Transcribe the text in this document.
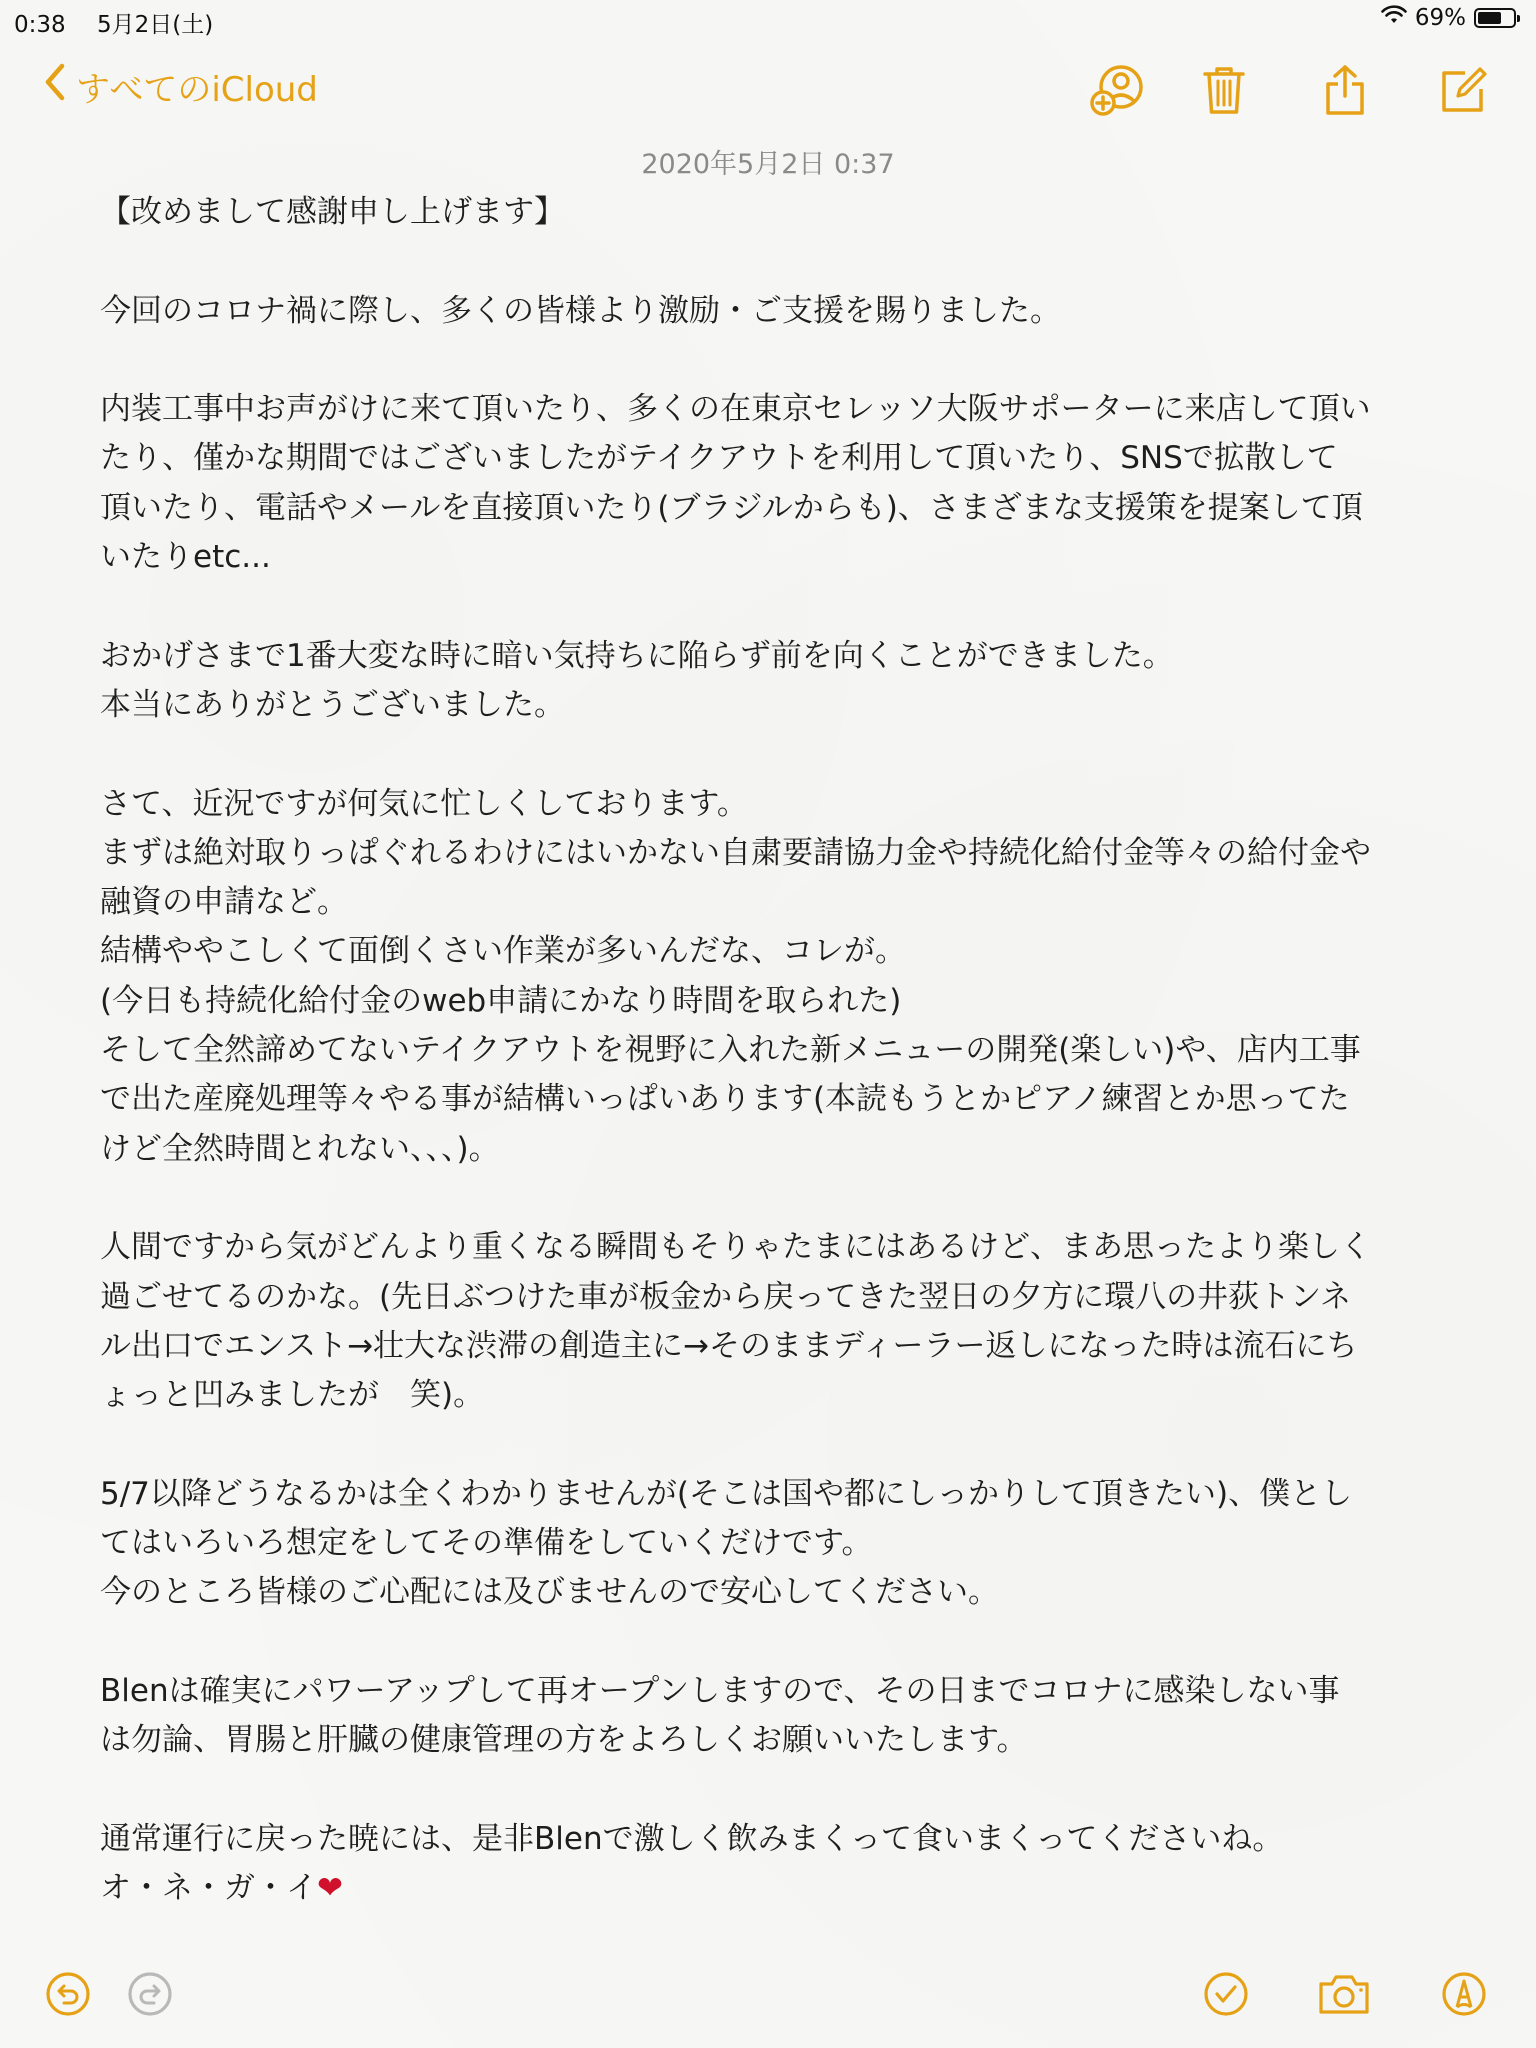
0:38 5月2日(土)	69%
すべてのiCloud
2020年5月2日 0:37
【改めまして感謝申し上げます】
今回のコロナ禍に際し、多くの皆様より激励・ご支援を賜りました。
内装工事中お声がけに来て頂いたり、多くの在東京セレッソ大阪サポーターに来店して頂い
たり、僅かな期間ではございましたがテイクアウトを利用して頂いたり、SNSで拡散して
頂いたり、電話やメールを直接頂いたり(ブラジルからも)、さまざまな支援策を提案して頂
いたりetc...
おかげさまで1番大変な時に暗い気持ちに陥らず前を向くことができました。
本当にありがとうございました。
さて、近況ですが何気に忙しくしております。
まずは絶対取りっぱぐれるわけにはいかない自粛要請協力金や持続化給付金等々の給付金や
融資の申請など。
結構ややこしくて面倒くさい作業が多いんだな、コレが。
(今日も持続化給付金のweb申請にかなり時間を取られた)
そして全然諦めてないテイクアウトを視野に入れた新メニューの開発(楽しい)や、店内工事
で出た産廃処理等々やる事が結構いっぱいあります(本読もうとかピアノ練習とか思ってた
けど全然時間とれない、、、)。
人間ですから気がどんより重くなる瞬間もそりゃたまにはあるけど、まあ思ったより楽しく
過ごせてるのかな。(先日ぶつけた車が板金から戻ってきた翌日の夕方に環八の井荻トンネ
ル出口でエンスト→壮大な渋滞の創造主に→そのままディーラー返しになった時は流石にち
ょっと凹みましたが　笑)。
5/7以降どうなるかは全くわかりませんが(そこは国や都にしっかりして頂きたい)、僕とし
てはいろいろ想定をしてその準備をしていくだけです。
今のところ皆様のご心配には及びませんので安心してください。
Blenは確実にパワーアップして再オープンしますので、その日までコロナに感染しない事
は勿論、胃腸と肝臓の健康管理の方をよろしくお願いいたします。
通常運行に戻った暁には、是非Blenで激しく飲みまくって食いまくってくださいね。
オ・ネ・ガ・イ❤
